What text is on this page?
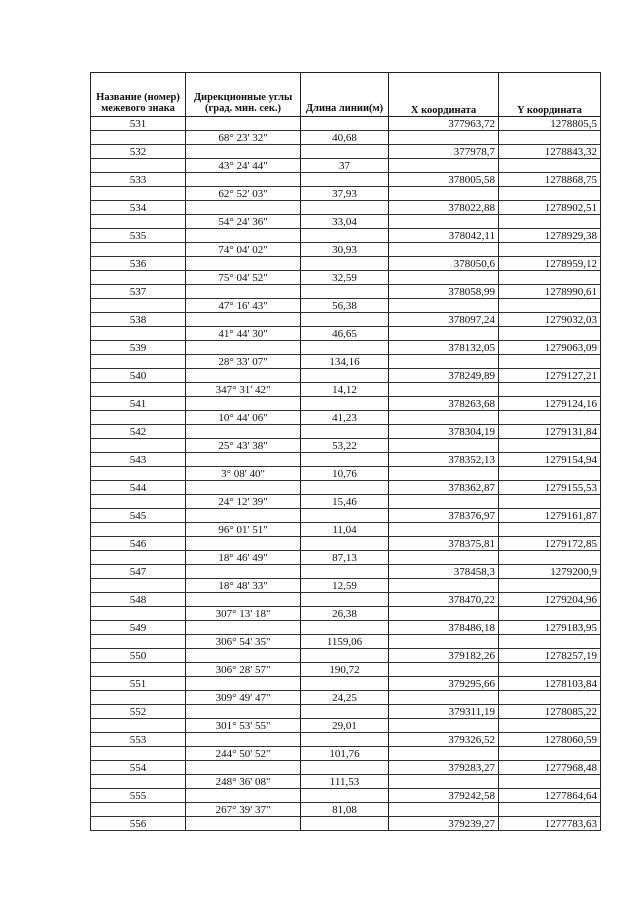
Название (номер) межевого знака	Дирекционные углы (град. мин. сек.)	Длина линии(м)	X координата	Y координата
531			377963,72	1278805,5
	68° 23' 32"	40,68		
532			377978,7	1278843,32
	43° 24' 44"	37		
533			378005,58	1278868,75
	62° 52' 03"	37,93		
534			378022,88	1278902,51
	54° 24' 36"	33,04		
535			378042,11	1278929,38
	74° 04' 02"	30,93		
536			378050,6	1278959,12
	75° 04' 52"	32,59		
537			378058,99	1278990,61
	47° 16' 43"	56,38		
538			378097,24	1279032,03
	41° 44' 30"	46,65		
539			378132,05	1279063,09
	28° 33' 07"	134,16		
540			378249,89	1279127,21
	347° 31' 42"	14,12		
541			378263,68	1279124,16
	10° 44' 06"	41,23		
542			378304,19	1279131,84
	25° 43' 38"	53,22		
543			378352,13	1279154,94
	3° 08' 40"	10,76		
544			378362,87	1279155,53
	24° 12' 39"	15,46		
545			378376,97	1279161,87
	96° 01' 51"	11,04		
546			378375,81	1279172,85
	18° 46' 49"	87,13		
547			378458,3	1279200,9
	18° 48' 33"	12,59		
548			378470,22	1279204,96
	307° 13' 18"	26,38		
549			378486,18	1279183,95
	306° 54' 35"	1159,06		
550			379182,26	1278257,19
	306° 28' 57"	190,72		
551			379295,66	1278103,84
	309° 49' 47"	24,25		
552			379311,19	1278085,22
	301° 53' 55"	29,01		
553			379326,52	1278060,59
	244° 50' 52"	101,76		
554			379283,27	1277968,48
	248° 36' 08"	111,53		
555			379242,58	1277864,64
	267° 39' 37"	81,08		
556			379239,27	1277783,63
